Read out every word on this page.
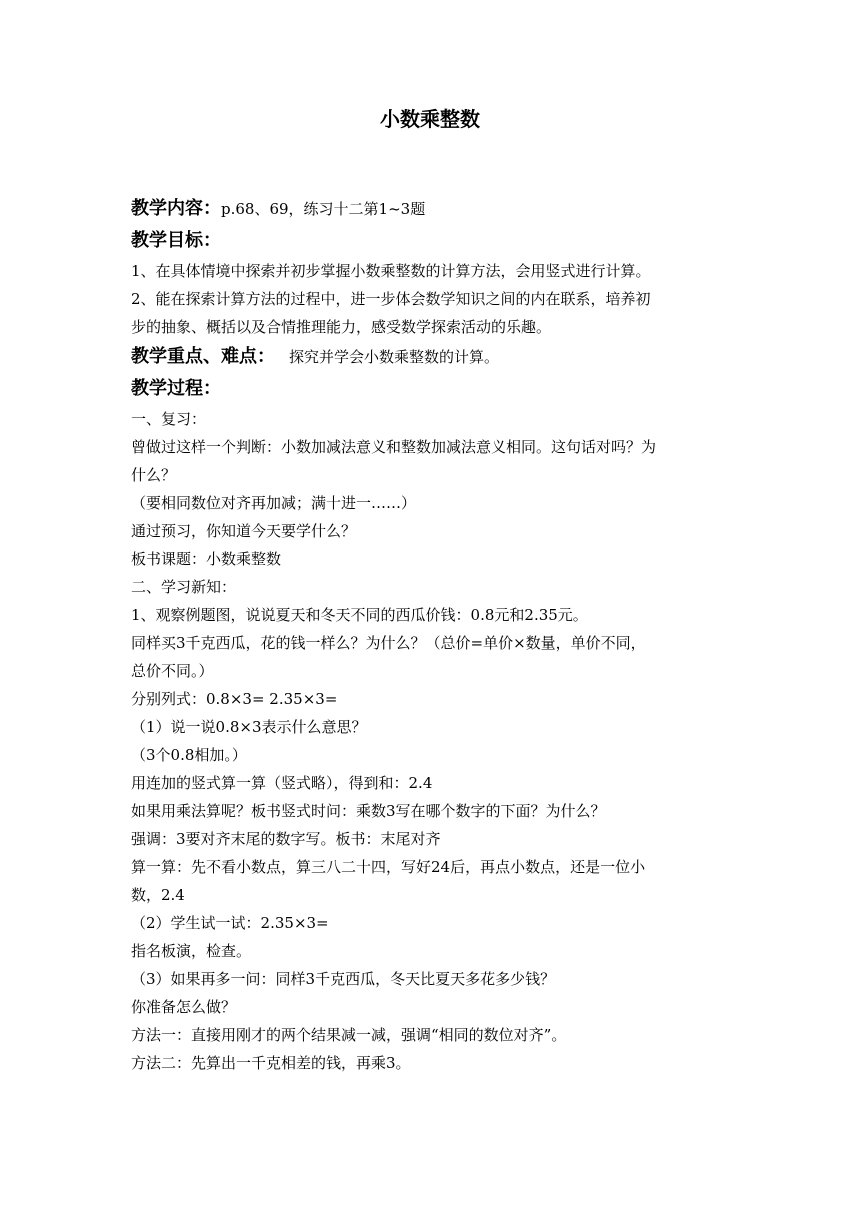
小数乘整数
教学内容： p.68、69，练习十二第1~3题
教学目标：
1、在具体情境中探索并初步掌握小数乘整数的计算方法，会用竖式进行计算。
2、能在探索计算方法的过程中，进一步体会数学知识之间的内在联系，培养初
步的抽象、概括以及合情推理能力，感受数学探索活动的乐趣。
教学重点、难点： 探究并学会小数乘整数的计算。
教学过程：
一、复习：
曾做过这样一个判断：小数加减法意义和整数加减法意义相同。这句话对吗？为
什么？
（要相同数位对齐再加减；满十进一……）
通过预习，你知道今天要学什么？
板书课题：小数乘整数
二、学习新知：
1、观察例题图，说说夏天和冬天不同的西瓜价钱：0.8元和2.35元。
同样买3千克西瓜，花的钱一样么？为什么？（总价=单价×数量，单价不同，
总价不同。）
分别列式：0.8×3= 2.35×3=
（1）说一说0.8×3表示什么意思？
（3个0.8相加。）
用连加的竖式算一算（竖式略），得到和：2.4
如果用乘法算呢？板书竖式时问：乘数3写在哪个数字的下面？为什么？
强调：3要对齐末尾的数字写。板书：末尾对齐
算一算：先不看小数点，算三八二十四，写好24后，再点小数点，还是一位小
数，2.4
（2）学生试一试：2.35×3=
指名板演，检查。
（3）如果再多一问：同样3千克西瓜，冬天比夏天多花多少钱？
你准备怎么做？
方法一：直接用刚才的两个结果减一减，强调“相同的数位对齐”。
方法二：先算出一千克相差的钱，再乘3。
